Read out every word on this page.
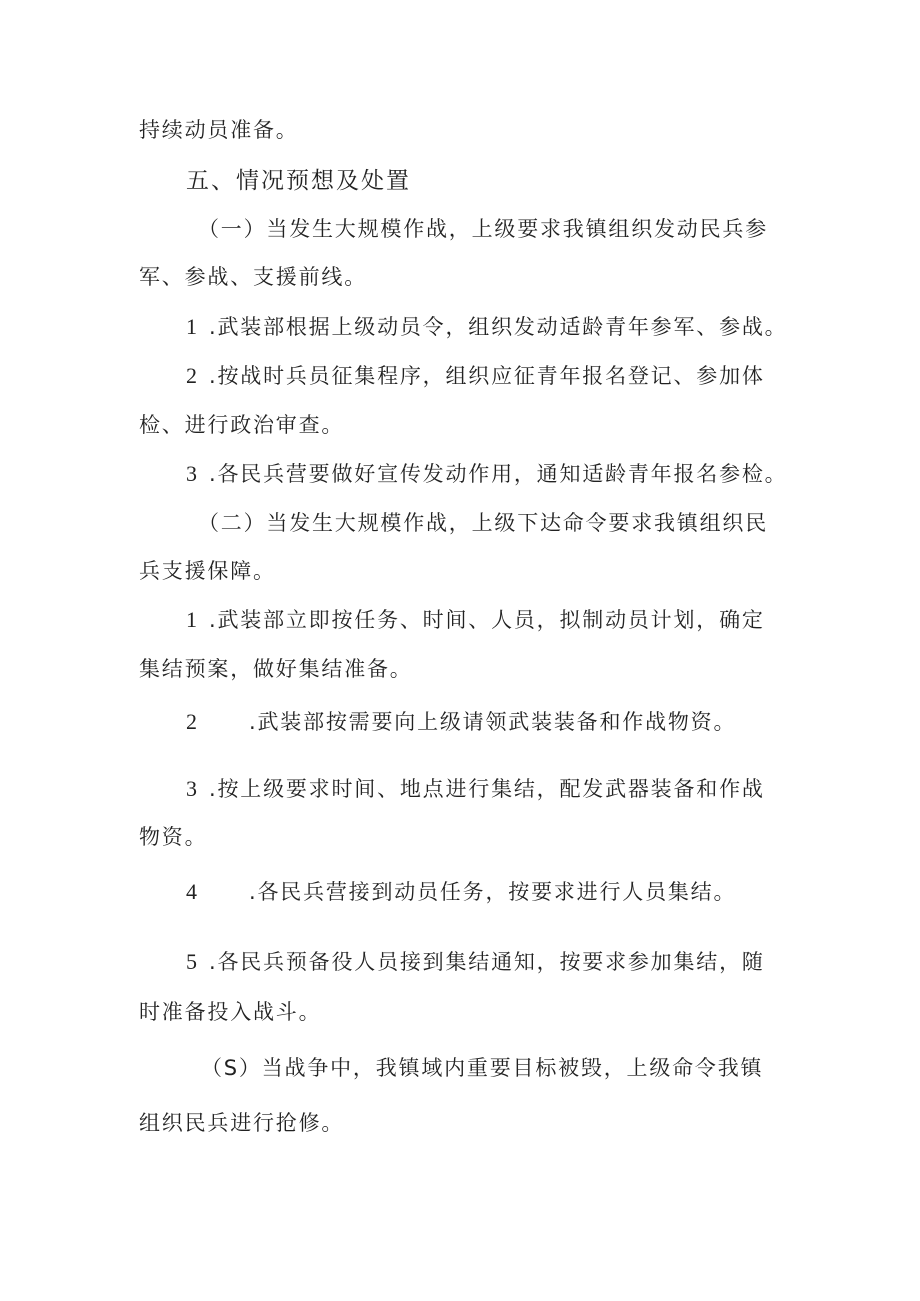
持续动员准备。
五、情况预想及处置
（一）当发生大规模作战，上级要求我镇组织发动民兵参
军、参战、支援前线。
1 .武装部根据上级动员令，组织发动适龄青年参军、参战。
2 .按战时兵员征集程序，组织应征青年报名登记、参加体
检、进行政治审查。
3 .各民兵营要做好宣传发动作用，通知适龄青年报名参检。
（二）当发生大规模作战，上级下达命令要求我镇组织民
兵支援保障。
1 .武装部立即按任务、时间、人员，拟制动员计划，确定
集结预案，做好集结准备。
2 .武装部按需要向上级请领武装装备和作战物资。
3 .按上级要求时间、地点进行集结，配发武器装备和作战
物资。
4 .各民兵营接到动员任务，按要求进行人员集结。
5 .各民兵预备役人员接到集结通知，按要求参加集结，随
时准备投入战斗。
（S）当战争中，我镇域内重要目标被毁，上级命令我镇
组织民兵进行抢修。
